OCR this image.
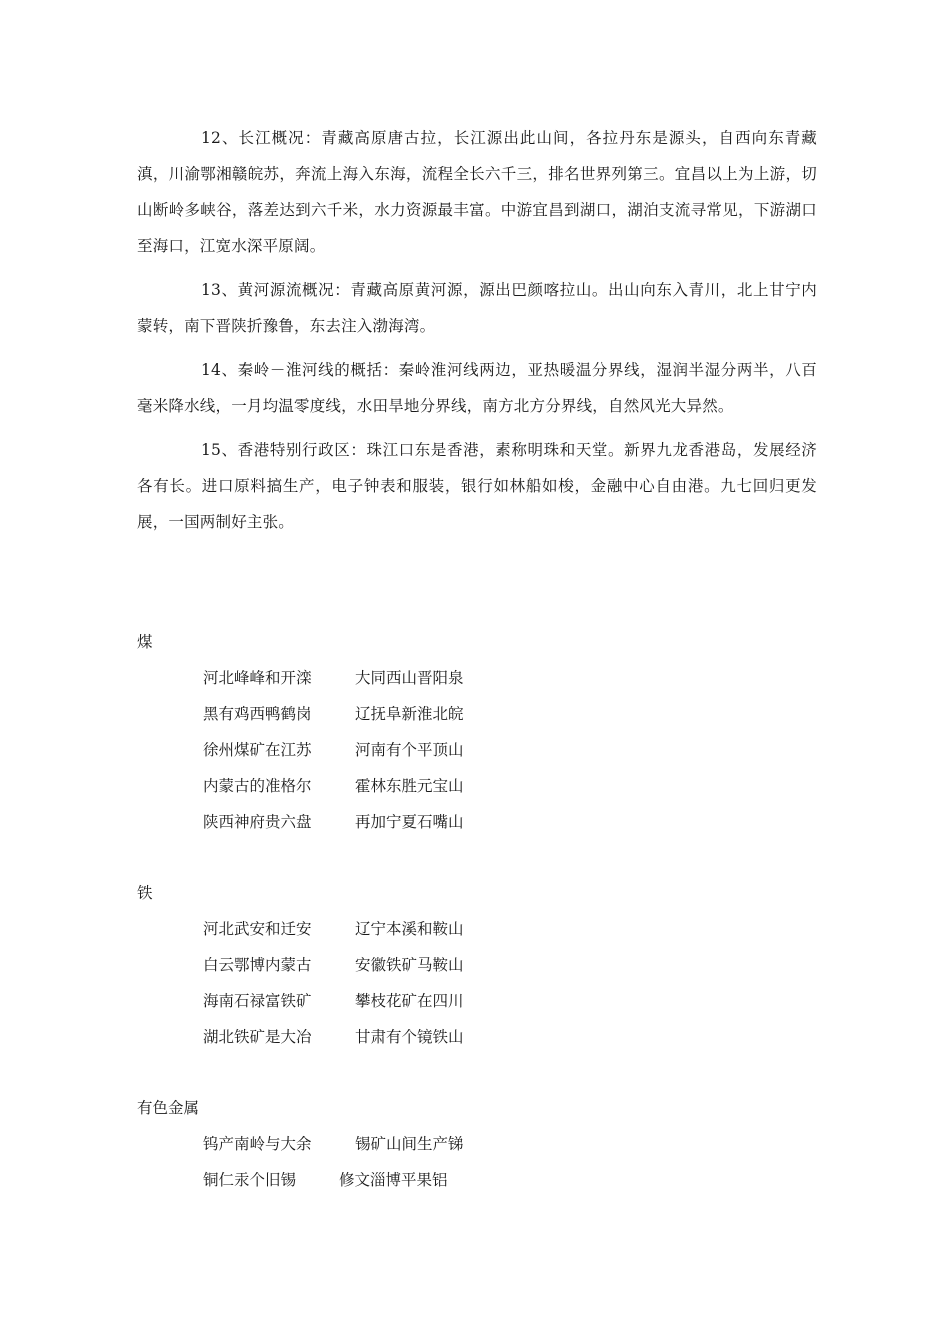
12、长江概况：青藏高原唐古拉，长江源出此山间，各拉丹东是源头，自西向东青藏滇，川渝鄂湘赣皖苏，奔流上海入东海，流程全长六千三，排名世界列第三。宜昌以上为上游，切山断岭多峡谷，落差达到六千米，水力资源最丰富。中游宜昌到湖口，湖泊支流寻常见，下游湖口至海口，江宽水深平原阔。

13、黄河源流概况：青藏高原黄河源，源出巴颜喀拉山。出山向东入青川，北上甘宁内蒙转，南下晋陕折豫鲁，东去注入渤海湾。

14、秦岭－淮河线的概括：秦岭淮河线两边，亚热暖温分界线，湿润半湿分两半，八百毫米降水线，一月均温零度线，水田旱地分界线，南方北方分界线，自然风光大异然。

15、香港特别行政区：珠江口东是香港，素称明珠和天堂。新界九龙香港岛，发展经济各有长。进口原料搞生产，电子钟表和服装，银行如林船如梭，金融中心自由港。九七回归更发展，一国两制好主张。

煤

河北峰峰和开滦	大同西山晋阳泉
黑有鸡西鸭鹤岗	辽抚阜新淮北皖
徐州煤矿在江苏	河南有个平顶山
内蒙古的准格尔	霍林东胜元宝山
陕西神府贵六盘	再加宁夏石嘴山

铁

河北武安和迁安	辽宁本溪和鞍山
白云鄂博内蒙古	安徽铁矿马鞍山
海南石禄富铁矿	攀枝花矿在四川
湖北铁矿是大冶	甘肃有个镜铁山

有色金属

钨产南岭与大余	锡矿山间生产锑
铜仁汞个旧锡	修文淄博平果铝
